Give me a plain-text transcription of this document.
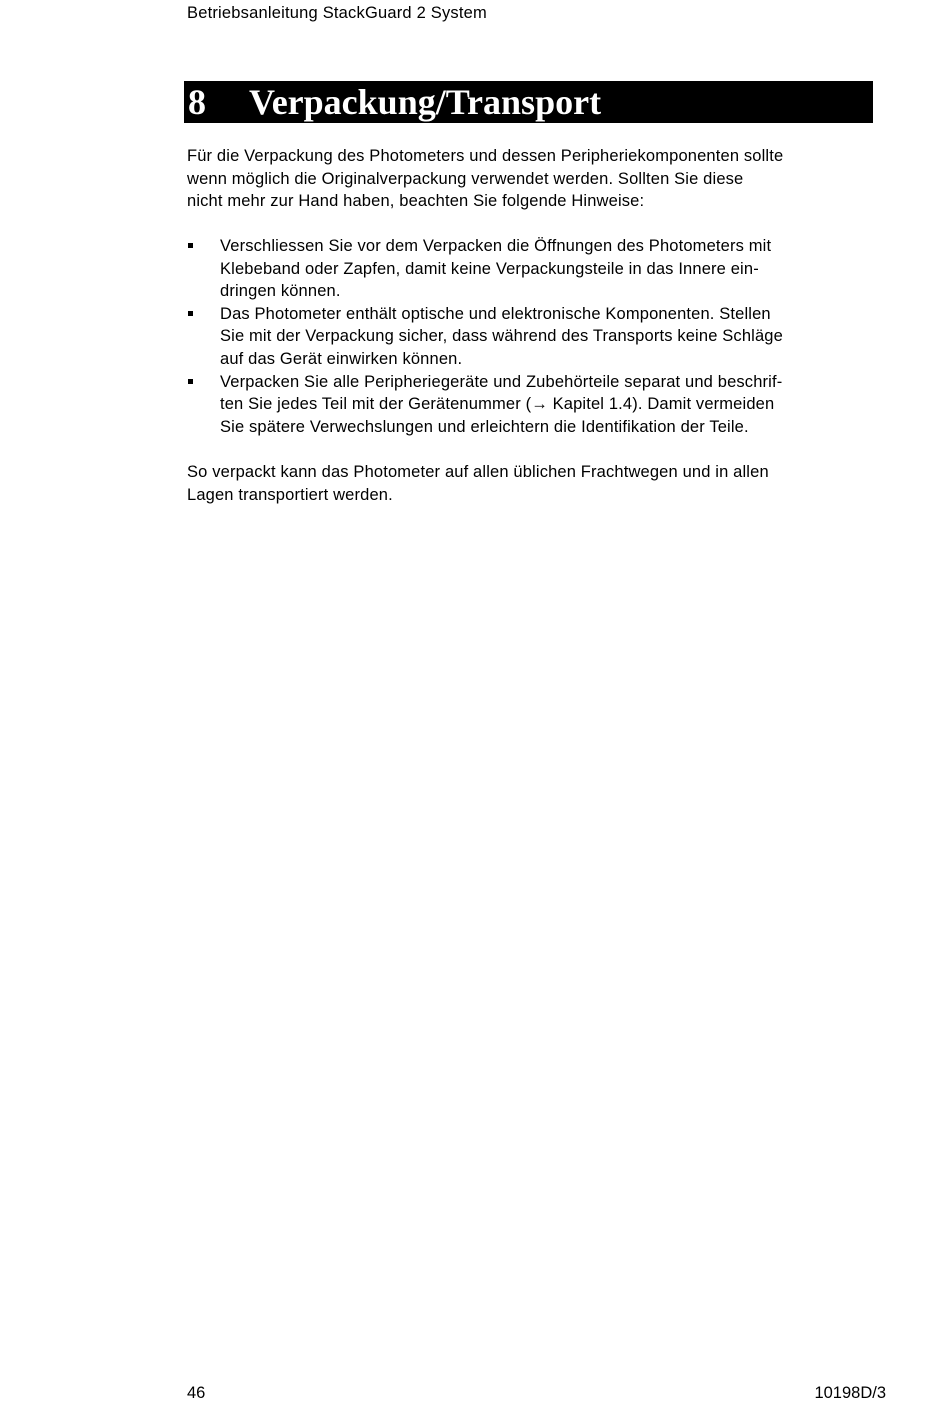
Betriebsanleitung StackGuard 2 System
8 Verpackung/Transport
Für die Verpackung des Photometers und dessen Peripheriekomponenten sollte
wenn möglich die Originalverpackung verwendet werden. Sollten Sie diese
nicht mehr zur Hand haben, beachten Sie folgende Hinweise:
Verschliessen Sie vor dem Verpacken die Öffnungen des Photometers mit
Klebeband oder Zapfen, damit keine Verpackungsteile in das Innere ein-
dringen können.
Das Photometer enthält optische und elektronische Komponenten. Stellen
Sie mit der Verpackung sicher, dass während des Transports keine Schläge
auf das Gerät einwirken können.
Verpacken Sie alle Peripheriegeräte und Zubehörteile separat und beschrif-
ten Sie jedes Teil mit der Gerätenummer (→ Kapitel 1.4). Damit vermeiden
Sie spätere Verwechslungen und erleichtern die Identifikation der Teile.
So verpackt kann das Photometer auf allen üblichen Frachtwegen und in allen
Lagen transportiert werden.
46	10198D/3
